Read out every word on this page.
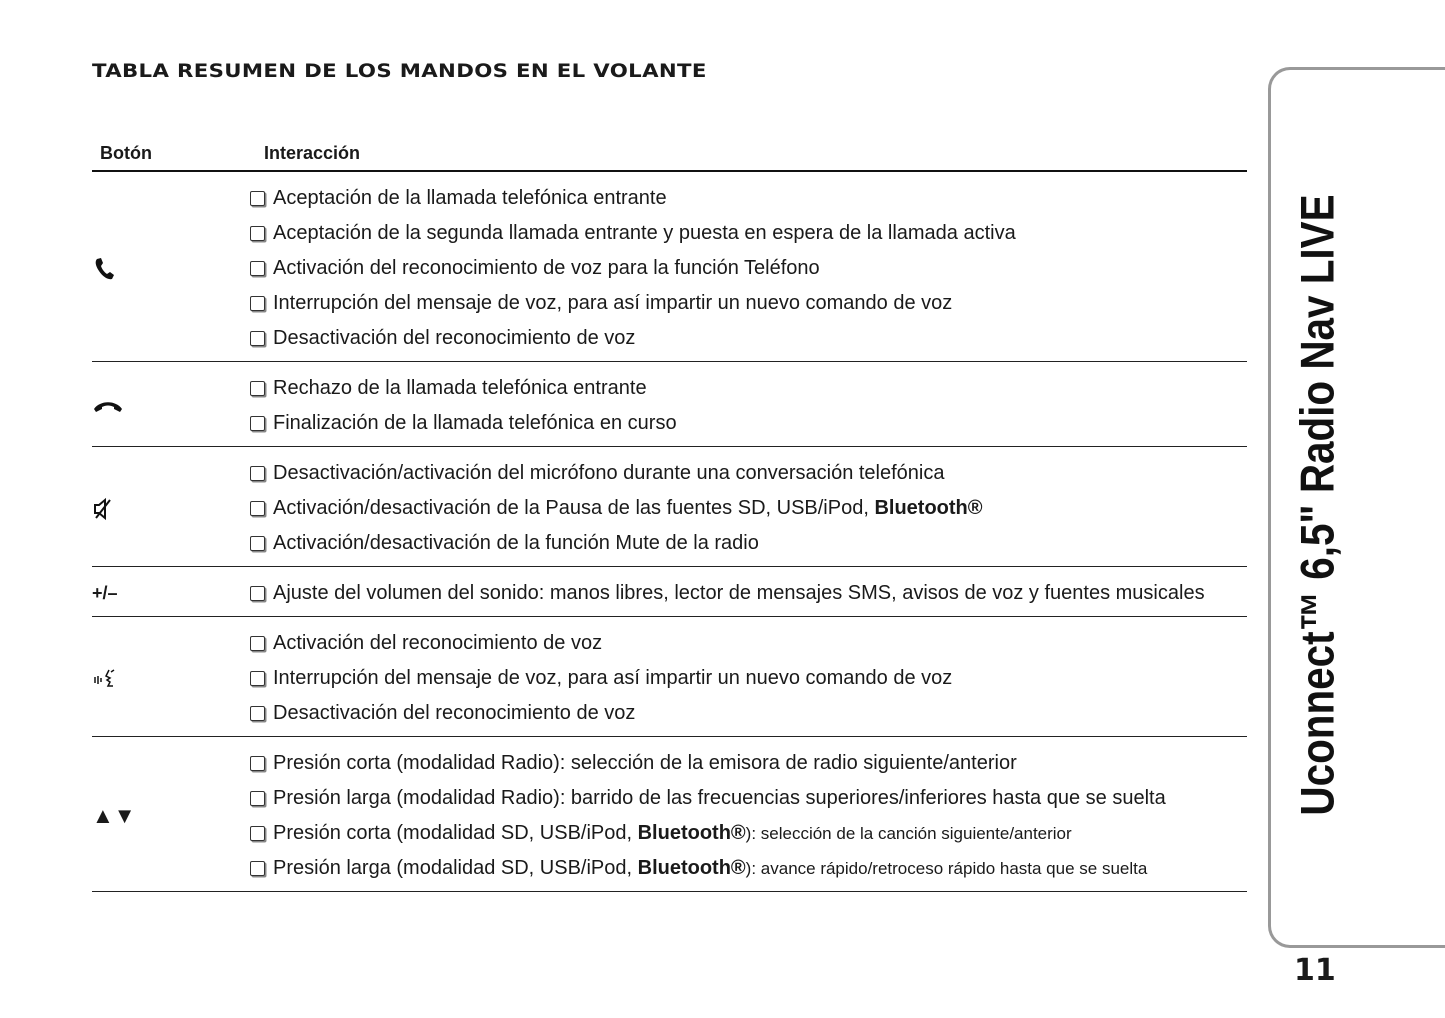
TABLA RESUMEN DE LOS MANDOS EN EL VOLANTE
Botón	Interacción
Aceptación de la llamada telefónica entrante
Aceptación de la segunda llamada entrante y puesta en espera de la llamada activa
Activación del reconocimiento de voz para la función Teléfono
Interrupción del mensaje de voz, para así impartir un nuevo comando de voz
Desactivación del reconocimiento de voz
Rechazo de la llamada telefónica entrante
Finalización de la llamada telefónica en curso
Desactivación/activación del micrófono durante una conversación telefónica
Activación/desactivación de la Pausa de las fuentes SD, USB/iPod, Bluetooth®
Activación/desactivación de la función Mute de la radio
+/–	Ajuste del volumen del sonido: manos libres, lector de mensajes SMS, avisos de voz y fuentes musicales
Activación del reconocimiento de voz
Interrupción del mensaje de voz, para así impartir un nuevo comando de voz
Desactivación del reconocimiento de voz
▲▼
Presión corta (modalidad Radio): selección de la emisora de radio siguiente/anterior
Presión larga (modalidad Radio): barrido de las frecuencias superiores/inferiores hasta que se suelta
Presión corta (modalidad SD, USB/iPod, Bluetooth®): selección de la canción siguiente/anterior
Presión larga (modalidad SD, USB/iPod, Bluetooth®): avance rápido/retroceso rápido hasta que se suelta
Uconnect™ 6,5" Radio Nav LIVE
11
